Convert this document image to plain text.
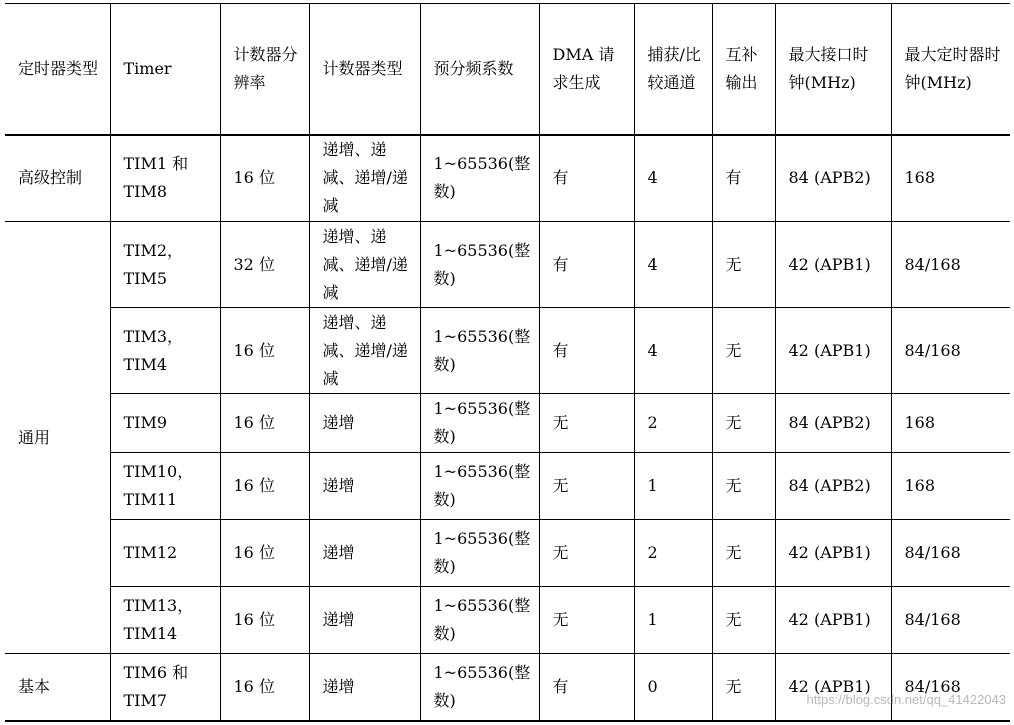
定时器类型	Timer	计数器分辨率	计数器类型	预分频系数	DMA 请求生成	捕获/比较通道	互补输出	最大接口时钟(MHz)	最大定时器时钟(MHz)
高级控制	TIM1 和 TIM8	16 位	递增、递减、递增/递减	1~65536(整数)	有	4	有	84 (APB2)	168
通用	TIM2，TIM5	32 位	递增、递减、递增/递减	1~65536(整数)	有	4	无	42 (APB1)	84/168
	TIM3，TIM4	16 位	递增、递减、递增/递减	1~65536(整数)	有	4	无	42 (APB1)	84/168
	TIM9	16 位	递增	1~65536(整数)	无	2	无	84 (APB2)	168
	TIM10，TIM11	16 位	递增	1~65536(整数)	无	1	无	84 (APB2)	168
	TIM12	16 位	递增	1~65536(整数)	无	2	无	42 (APB1)	84/168
	TIM13，TIM14	16 位	递增	1~65536(整数)	无	1	无	42 (APB1)	84/168
基本	TIM6 和 TIM7	16 位	递增	1~65536(整数)	有	0	无	42 (APB1)	84/168
https://blog.csdn.net/qq_41422043
